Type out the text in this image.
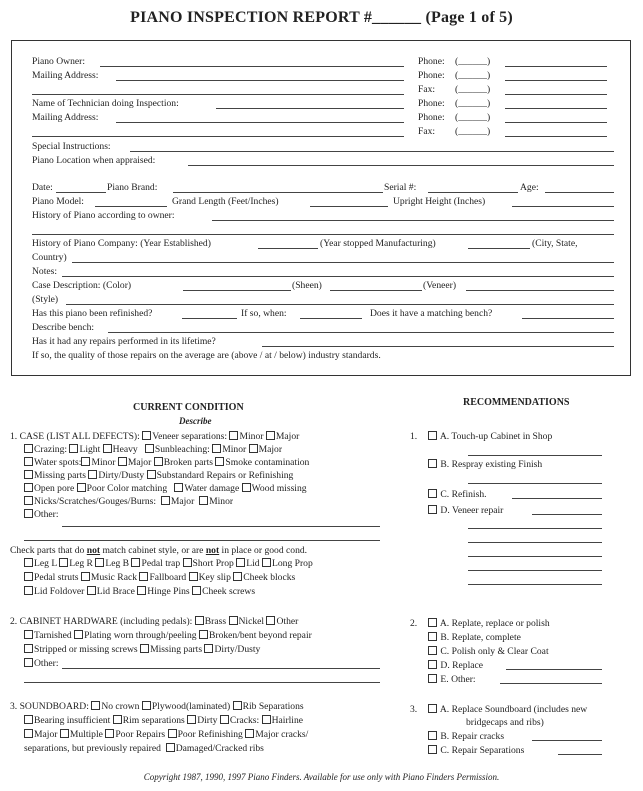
PIANO INSPECTION REPORT #______ (Page 1 of 5)
Piano Owner:	Phone: (______)
Mailing Address:	Phone: (______)
Fax: (______)
Name of Technician doing Inspection:	Phone: (______)
Mailing Address:	Phone: (______)
Fax: (______)
Special Instructions:
Piano Location when appraised:
Date:	Piano Brand:	Serial #:	Age:
Piano Model:	Grand Length (Feet/Inches)	Upright Height (Inches)
History of Piano according to owner:
History of Piano Company: (Year Established)	(Year stopped Manufacturing)	(City, State,
Country)
Notes:
Case Description: (Color)	(Sheen)	(Veneer)
(Style)
Has this piano been refinished?	If so, when:	Does it have a matching bench?
Describe bench:
Has it had any repairs performed in its lifetime?
If so, the quality of those repairs on the average are (above / at / below) industry standards.
CURRENT CONDITION
Describe
1. CASE (LIST ALL DEFECTS): Veneer separations: Minor Major
Crazing: Light Heavy Sunbleaching: Minor Major
Water spots: Minor Major Broken parts Smoke contamination
Missing parts Dirty/Dusty Substandard Repairs or Refinishing
Open pore Poor Color matching Water damage Wood missing
Nicks/Scratches/Gouges/Burns: Major Minor
Other:
Check parts that do not match cabinet style, or are not in place or good cond.
Leg L Leg R Leg B Pedal trap Short Prop Lid Long Prop
Pedal struts Music Rack Fallboard Key slip Cheek blocks
Lid Foldover Lid Brace Hinge Pins Cheek screws
2. CABINET HARDWARE (including pedals): Brass Nickel Other
Tarnished Plating worn through/peeling Broken/bent beyond repair
Stripped or missing screws Missing parts Dirty/Dusty
Other:
3. SOUNDBOARD: No crown Plywood(laminated) Rib Separations
Bearing insufficient Rim separations Dirty Cracks: Hairline
Major Multiple Poor Repairs Poor Refinishing Major cracks/
separations, but previously repaired Damaged/Cracked ribs
RECOMMENDATIONS
1.	A. Touch-up Cabinet in Shop
B. Respray existing Finish
C. Refinish.
D. Veneer repair
2.	A. Replate, replace or polish
B. Replate, complete
C. Polish only & Clear Coat
D. Replace
E. Other:
3.	A. Replace Soundboard (includes new
bridgecaps and ribs)
B. Repair cracks
C. Repair Separations
Copyright 1987, 1990, 1997 Piano Finders. Available for use only with Piano Finders Permission.
